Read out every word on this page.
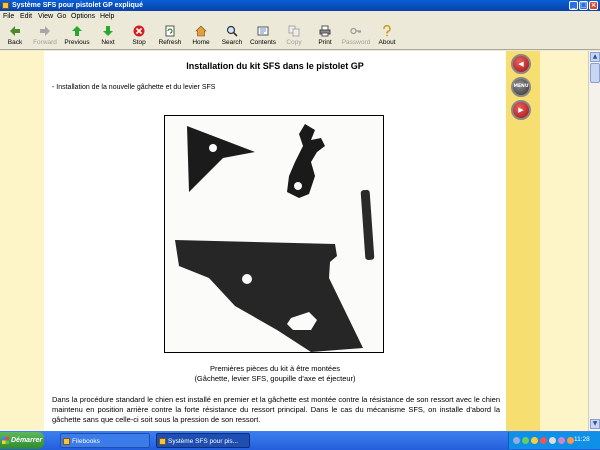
Système SFS pour pistolet GP expliqué	_ □ ×
File Edit View Go Options Help
Back	Forward	Previous	Next	Stop	Refresh	Home	Search	Contents	Copy	Print	Password	About
Installation du kit SFS dans le pistolet GP
- Installation de la nouvelle gâchette et du levier SFS
Premières pièces du kit à être montées
(Gâchette, levier SFS, goupille d'axe et éjecteur)
Dans la procédure standard le chien est installé en premier et la gâchette est montée contre la résistance de son ressort avec le chien maintenu en position arrière contre la forte résistance du ressort principal. Dans le cas du mécanisme SFS, on installe d'abord la gâchette sans que celle-ci soit sous la pression de son ressort.
◀
MENU
▶
▲
▼
Démarrer	Filebooks	Système SFS pour pis...	11:28
